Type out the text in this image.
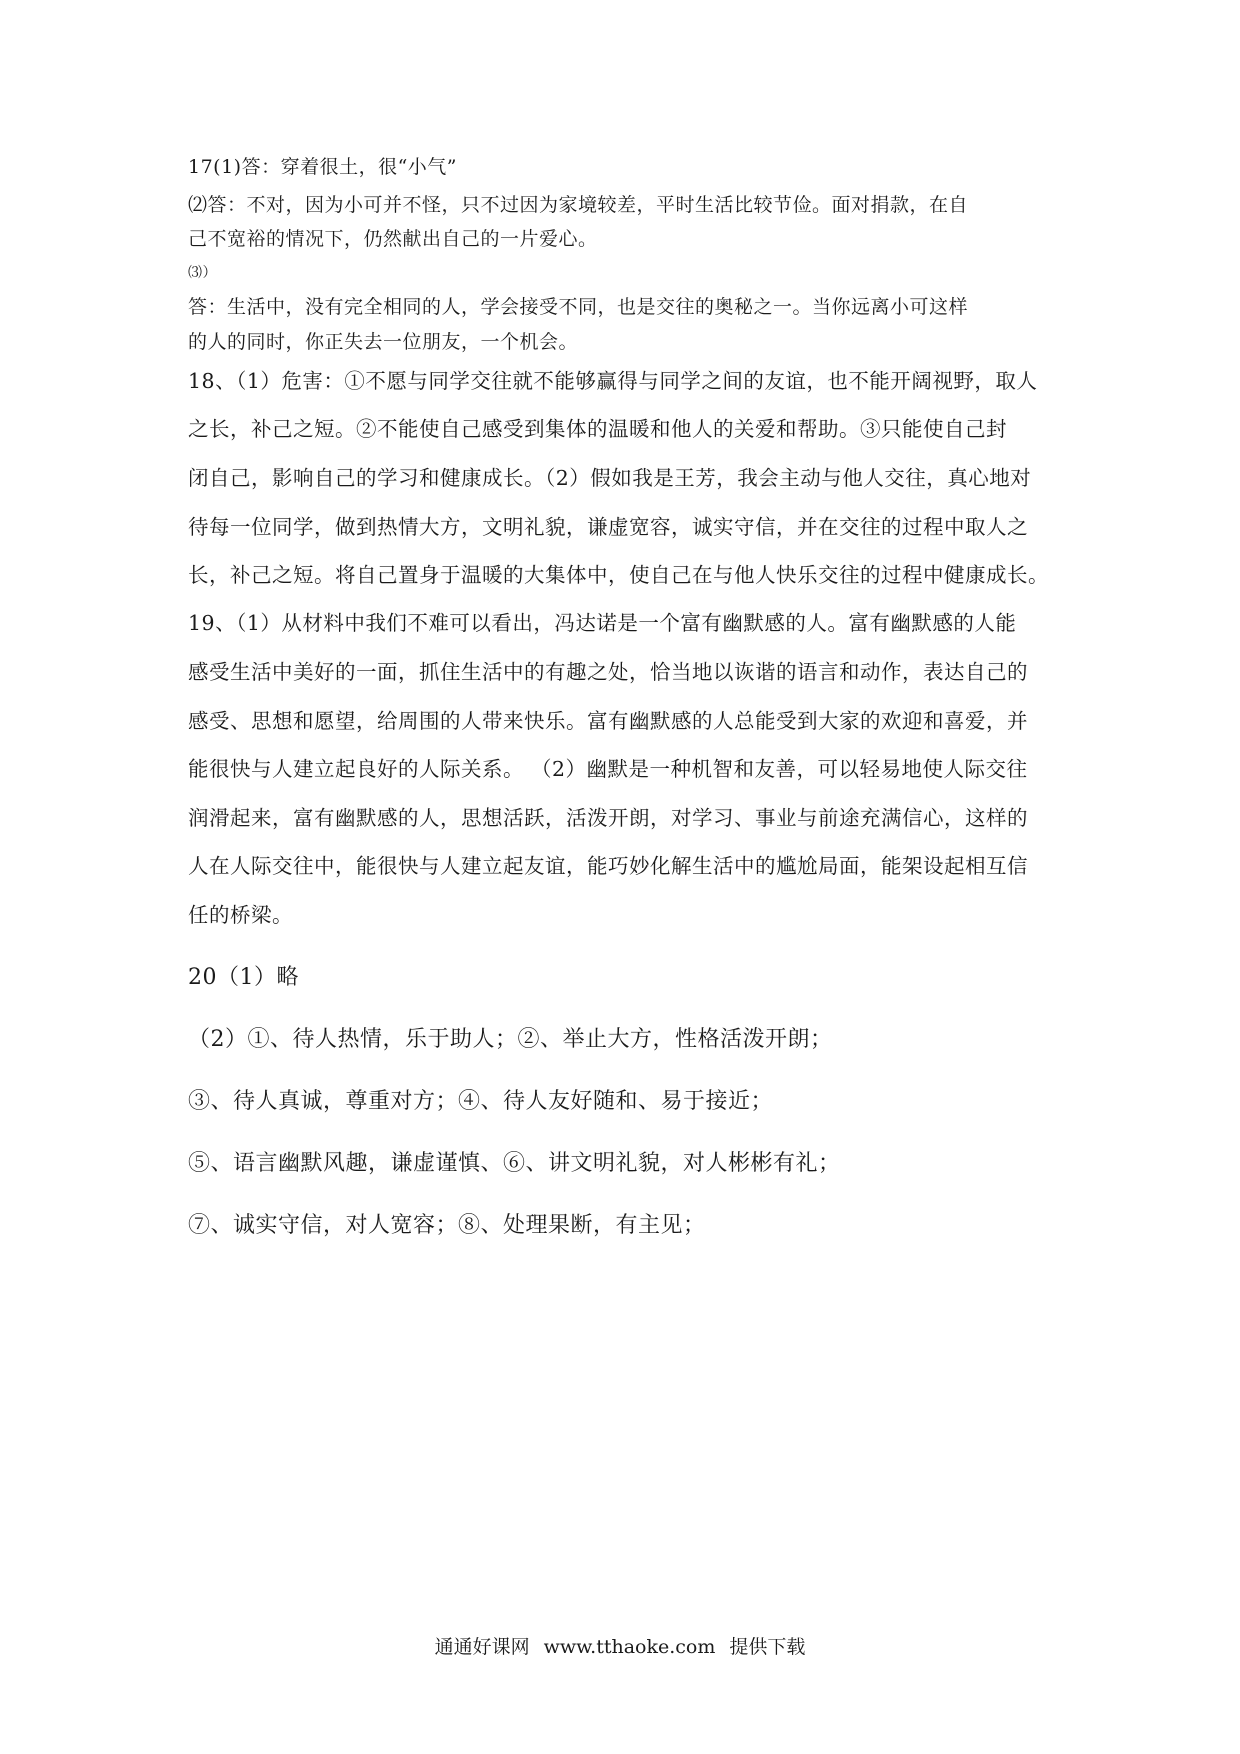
17(1)答：穿着很土，很“小气”
⑵答：不对，因为小可并不怪，只不过因为家境较差，平时生活比较节俭。面对捐款，在自
己不宽裕的情况下，仍然献出自己的一片爱心。
⑶）
答：生活中，没有完全相同的人，学会接受不同，也是交往的奥秘之一。当你远离小可这样
的人的同时，你正失去一位朋友，一个机会。
18、（1）危害：①不愿与同学交往就不能够赢得与同学之间的友谊，也不能开阔视野，取人
之长，补己之短。②不能使自己感受到集体的温暖和他人的关爱和帮助。③只能使自己封
闭自己，影响自己的学习和健康成长。（2）假如我是王芳，我会主动与他人交往，真心地对
待每一位同学，做到热情大方，文明礼貌，谦虚宽容，诚实守信，并在交往的过程中取人之
长，补己之短。将自己置身于温暖的大集体中，使自己在与他人快乐交往的过程中健康成长。
19、（1）从材料中我们不难可以看出，冯达诺是一个富有幽默感的人。富有幽默感的人能
感受生活中美好的一面，抓住生活中的有趣之处，恰当地以诙谐的语言和动作，表达自己的
感受、思想和愿望，给周围的人带来快乐。富有幽默感的人总能受到大家的欢迎和喜爱，并
能很快与人建立起良好的人际关系。 （2）幽默是一种机智和友善，可以轻易地使人际交往
润滑起来，富有幽默感的人，思想活跃，活泼开朗，对学习、事业与前途充满信心，这样的
人在人际交往中，能很快与人建立起友谊，能巧妙化解生活中的尴尬局面，能架设起相互信
任的桥梁。
20（1）略
（2）①、待人热情，乐于助人；②、举止大方，性格活泼开朗；
③、待人真诚，尊重对方；④、待人友好随和、易于接近；
⑤、语言幽默风趣，谦虚谨慎、⑥、讲文明礼貌，对人彬彬有礼；
⑦、诚实守信，对人宽容；⑧、处理果断，有主见；
通通好课网 www.tthaoke.com 提供下载
